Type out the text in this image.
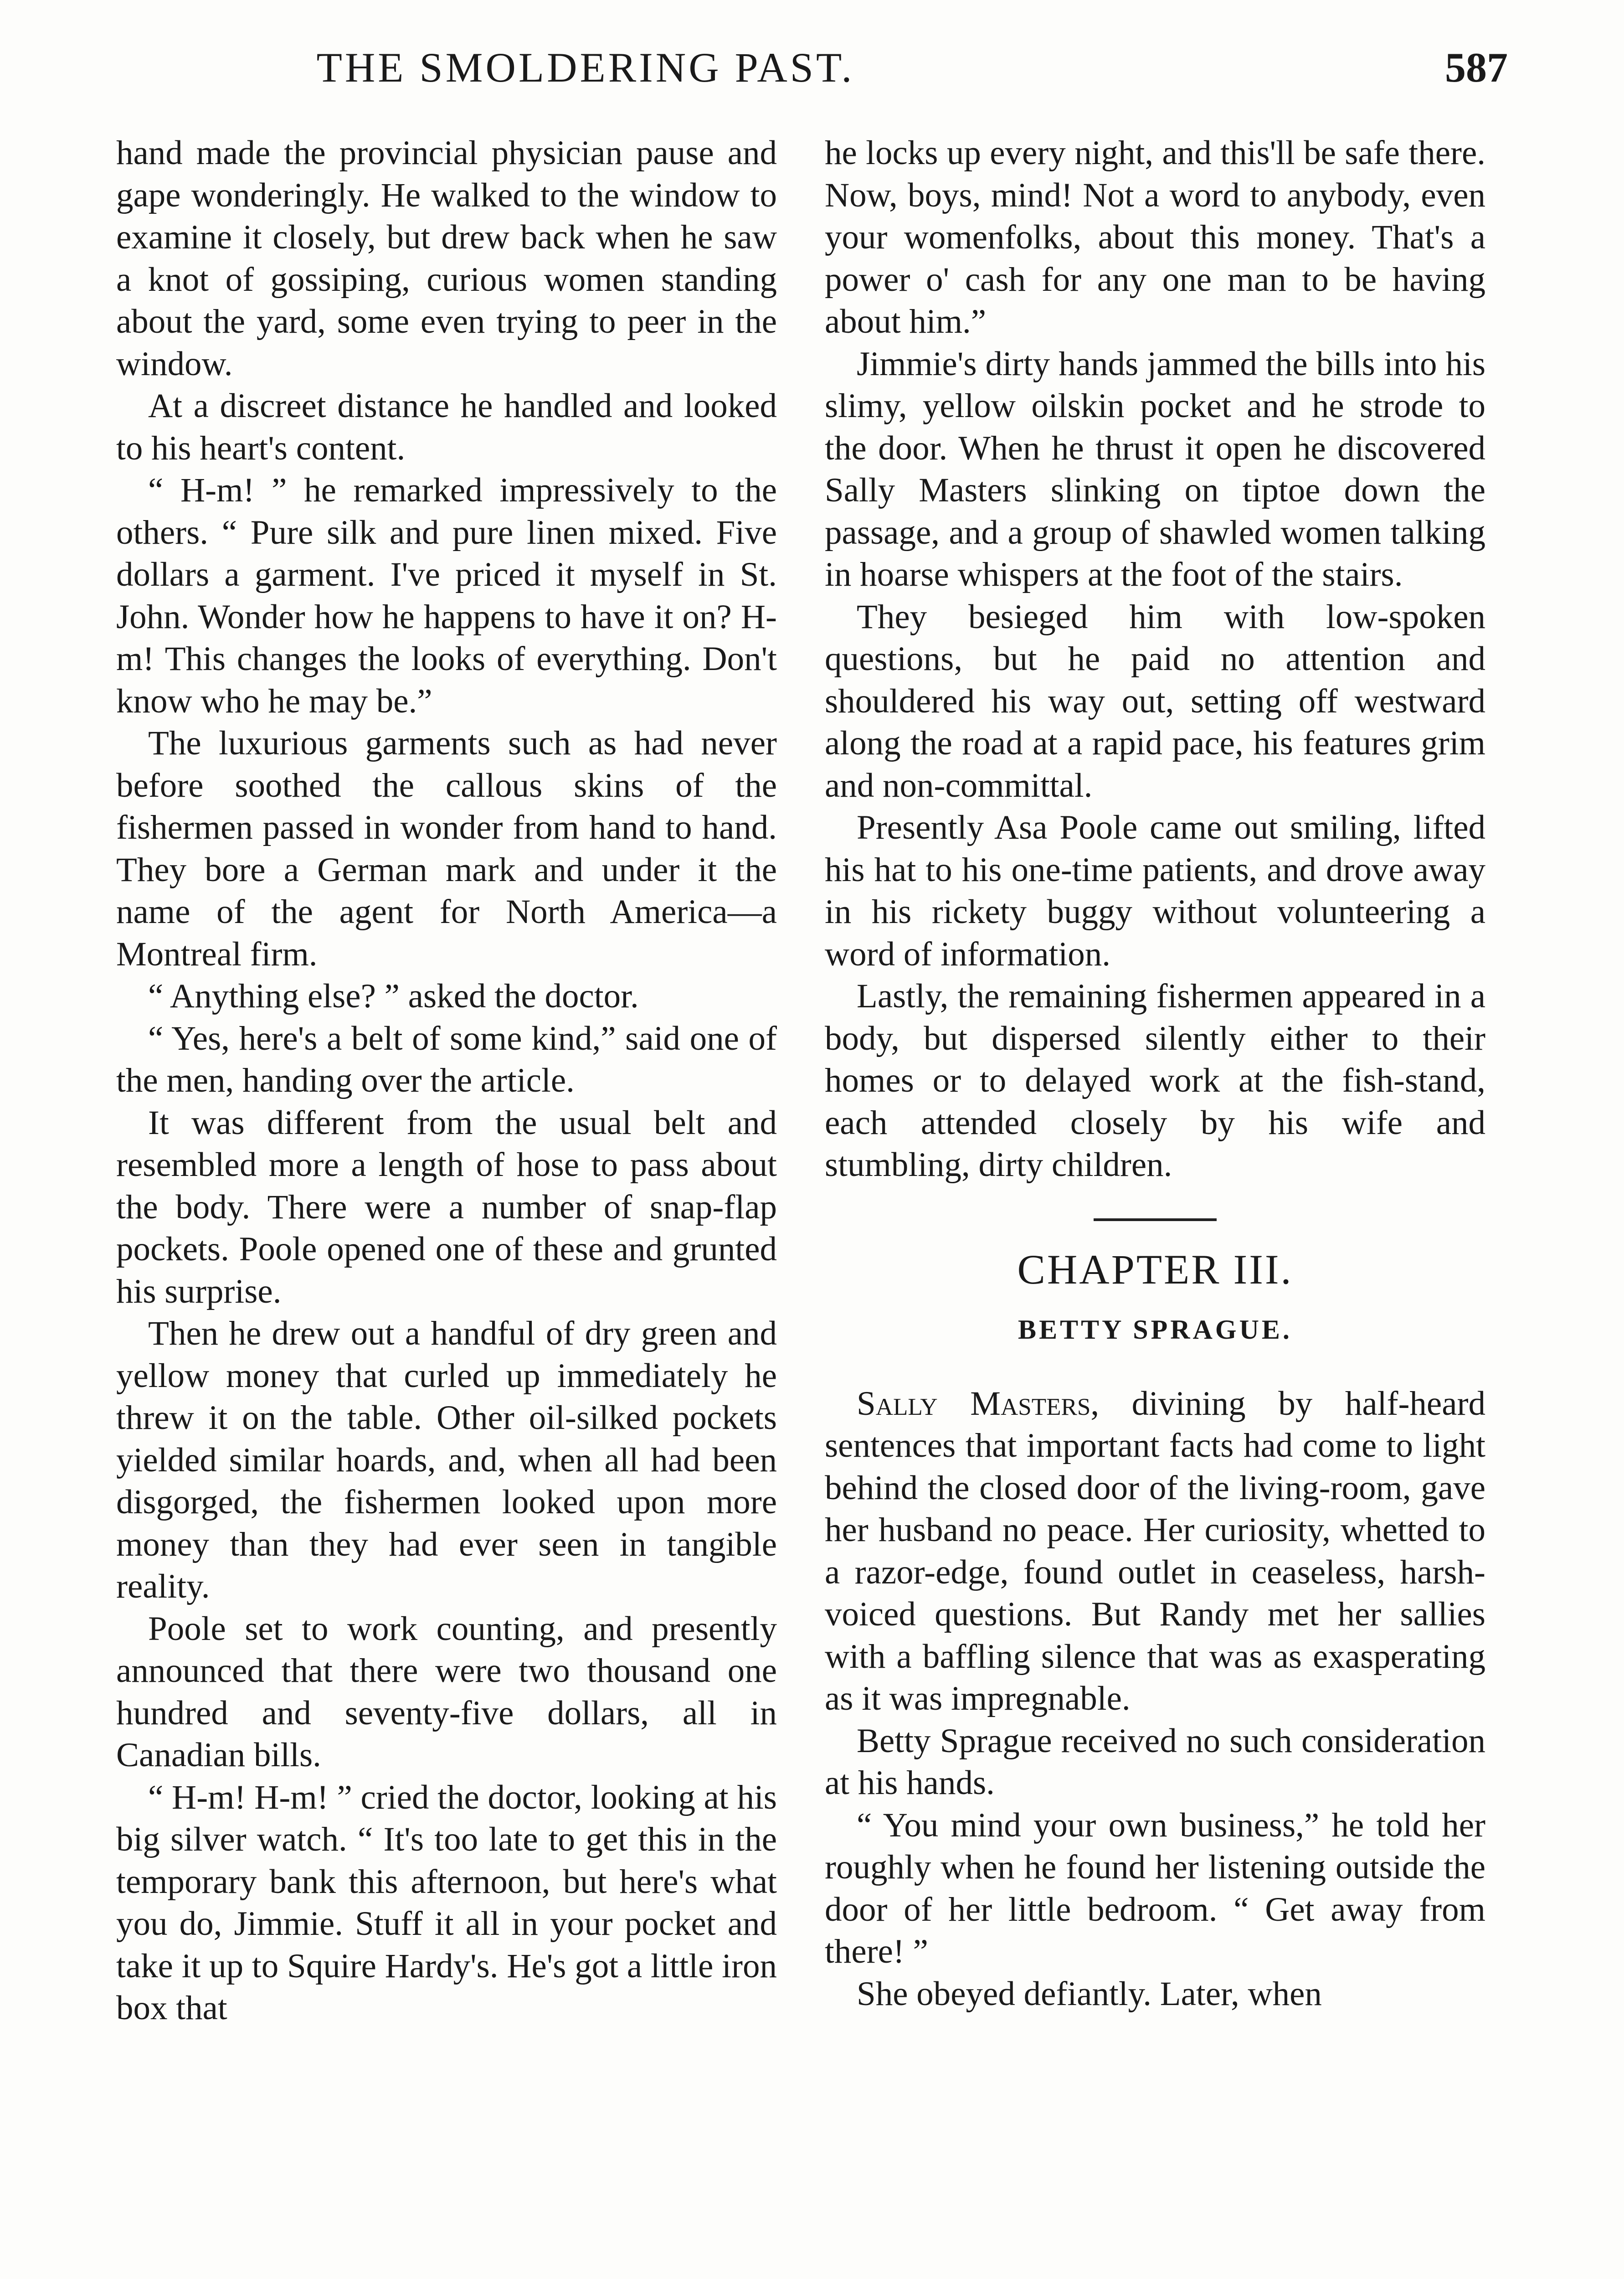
THE SMOLDERING PAST.	587

hand made the provincial physician pause and gape wonderingly. He walked to the window to examine it closely, but drew back when he saw a knot of gossiping, curious women standing about the yard, some even trying to peer in the window.

At a discreet distance he handled and looked to his heart's content.

“ H-m! ” he remarked impressively to the others. “ Pure silk and pure linen mixed. Five dollars a garment. I've priced it myself in St. John. Wonder how he happens to have it on? H-m! This changes the looks of everything. Don't know who he may be.”

The luxurious garments such as had never before soothed the callous skins of the fishermen passed in wonder from hand to hand. They bore a German mark and under it the name of the agent for North America—a Montreal firm.

“ Anything else? ” asked the doctor.

“ Yes, here's a belt of some kind,” said one of the men, handing over the article.

It was different from the usual belt and resembled more a length of hose to pass about the body. There were a number of snap-flap pockets. Poole opened one of these and grunted his surprise.

Then he drew out a handful of dry green and yellow money that curled up immediately he threw it on the table. Other oil-silked pockets yielded similar hoards, and, when all had been disgorged, the fishermen looked upon more money than they had ever seen in tangible reality.

Poole set to work counting, and presently announced that there were two thousand one hundred and seventy-five dollars, all in Canadian bills.

“ H-m! H-m! ” cried the doctor, looking at his big silver watch. “ It's too late to get this in the temporary bank this afternoon, but here's what you do, Jimmie. Stuff it all in your pocket and take it up to Squire Hardy's. He's got a little iron box that

he locks up every night, and this'll be safe there. Now, boys, mind! Not a word to anybody, even your womenfolks, about this money. That's a power o' cash for any one man to be having about him.”

Jimmie's dirty hands jammed the bills into his slimy, yellow oilskin pocket and he strode to the door. When he thrust it open he discovered Sally Masters slinking on tiptoe down the passage, and a group of shawled women talking in hoarse whispers at the foot of the stairs.

They besieged him with low-spoken questions, but he paid no attention and shouldered his way out, setting off westward along the road at a rapid pace, his features grim and non-committal.

Presently Asa Poole came out smiling, lifted his hat to his one-time patients, and drove away in his rickety buggy without volunteering a word of information.

Lastly, the remaining fishermen appeared in a body, but dispersed silently either to their homes or to delayed work at the fish-stand, each attended closely by his wife and stumbling, dirty children.

CHAPTER III.
BETTY SPRAGUE.

Sally Masters, divining by half-heard sentences that important facts had come to light behind the closed door of the living-room, gave her husband no peace. Her curiosity, whetted to a razor-edge, found outlet in ceaseless, harsh-voiced questions. But Randy met her sallies with a baffling silence that was as exasperating as it was impregnable.

Betty Sprague received no such consideration at his hands.

“ You mind your own business,” he told her roughly when he found her listening outside the door of her little bedroom. “ Get away from there! ”

She obeyed defiantly. Later, when
